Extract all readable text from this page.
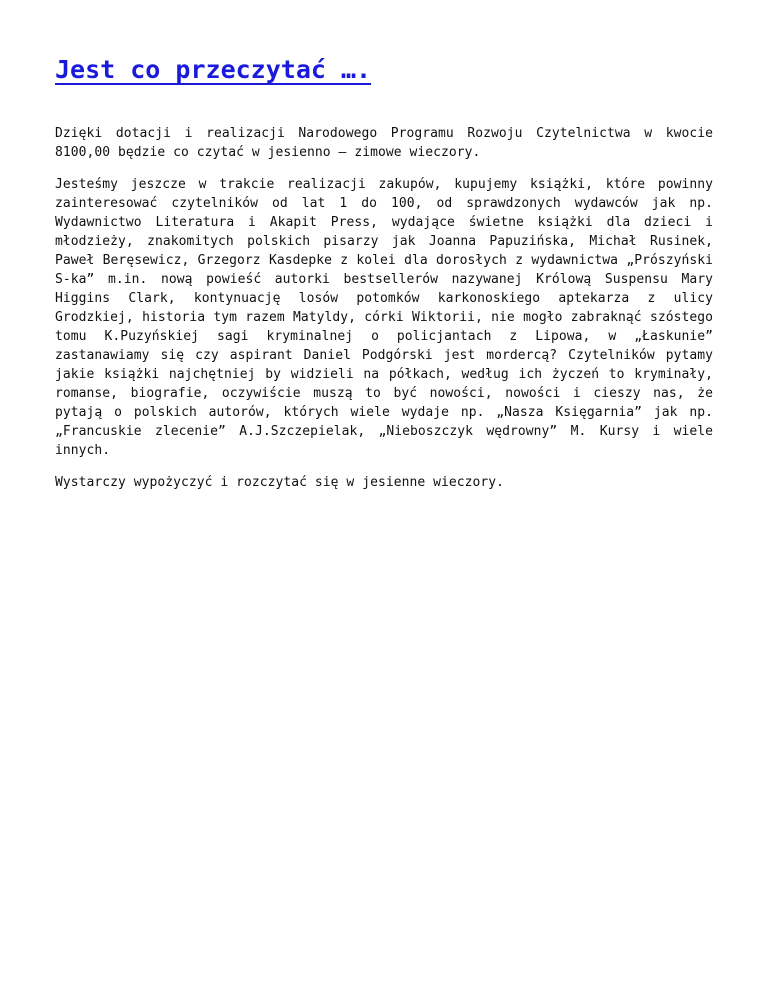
Jest co przeczytać ….

Dzięki dotacji i realizacji Narodowego Programu Rozwoju Czytelnictwa w kwocie 8100,00 będzie co czytać w jesienno – zimowe wieczory.

Jesteśmy jeszcze w trakcie realizacji zakupów, kupujemy książki, które powinny zainteresować czytelników od lat 1 do 100, od sprawdzonych wydawców jak np. Wydawnictwo Literatura i Akapit Press, wydające świetne książki dla dzieci i młodzieży, znakomitych polskich pisarzy jak Joanna Papuzińska, Michał Rusinek, Paweł Beręsewicz, Grzegorz Kasdepke z kolei dla dorosłych z wydawnictwa „Prószyński S-ka” m.in. nową powieść autorki bestsellerów nazywanej Królową Suspensu Mary Higgins Clark, kontynuację losów potomków karkonoskiego aptekarza z ulicy Grodzkiej, historia tym razem Matyldy, córki Wiktorii, nie mogło zabraknąć szóstego tomu K.Puzyńskiej sagi kryminalnej o policjantach z Lipowa, w „Łaskunie” zastanawiamy się czy aspirant Daniel Podgórski jest mordercą? Czytelników pytamy jakie książki najchętniej by widzieli na półkach, według ich życzeń to kryminały, romanse, biografie, oczywiście muszą to być nowości, nowości i cieszy nas, że pytają o polskich autorów, których wiele wydaje np. „Nasza Księgarnia” jak np. „Francuskie zlecenie” A.J.Szczepielak, „Nieboszczyk wędrowny” M. Kursy i wiele innych.

Wystarczy wypożyczyć i rozczytać się w jesienne wieczory.
